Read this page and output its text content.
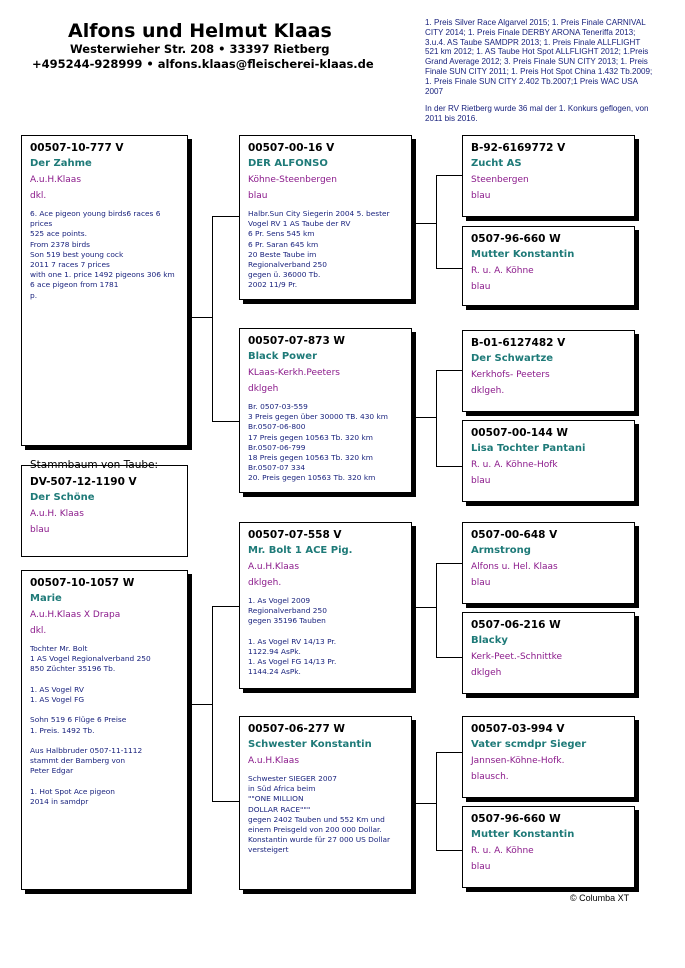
Alfons und Helmut Klaas
Westerwieher Str. 208 • 33397 Rietberg
+495244-928999 • alfons.klaas@fleischerei-klaas.de

1. Preis Silver Race Algarvel 2015; 1. Preis Finale CARNIVAL CITY 2014; 1. Preis Finale DERBY ARONA Teneriffa 2013; 3.u.4. AS Taube SAMDPR 2013; 1. Preis Finale ALLFLIGHT 521 km 2012; 1. AS Taube Hot Spot ALLFLIGHT 2012; 1.Preis Grand Average 2012; 3. Preis Finale SUN CITY 2013; 1. Preis Finale SUN CITY 2011; 1. Preis Hot Spot China 1.432 Tb.2009; 1. Preis Finale SUN CITY 2.402 Tb.2007;1 Preis WAC USA 2007

In der RV Rietberg wurde 36 mal der 1. Konkurs geflogen, von 2011 bis 2016.

00507-10-777 V
Der Zahme
A.u.H.Klaas
dkl.
6. Ace pigeon young birds6 races 6 prices
525 ace points.
From 2378 birds
Son 519 best young cock
2011 7 races 7 prices
with one 1. price 1492 pigeons 306 km
6 ace pigeon from 1781
p.
Stammbaum von Taube:
DV-507-12-1190 V
Der Schöne
A.u.H. Klaas
blau
00507-10-1057 W
Marie
A.u.H.Klaas X Drapa
dkl.
Tochter Mr. Bolt
1 AS Vogel Regionalverband 250
850 Züchter 35196 Tb.

1. AS Vogel RV
1. AS Vogel FG

Sohn 519 6 Flüge 6 Preise
1. Preis. 1492 Tb.

Aus Halbbruder 0507-11-1112
stammt der Bamberg von
Peter Edgar

1. Hot Spot Ace pigeon
2014 in samdpr
00507-00-16 V
DER ALFONSO
Köhne-Steenbergen
blau
Halbr.Sun City Siegerin 2004 5. bester Vogel RV 1 AS Taube der RV
6 Pr. Sens 545 km
6 Pr. Saran 645 km
20 Beste Taube im
Regionalverband 250
gegen ü. 36000 Tb.
2002 11/9 Pr.
00507-07-873 W
Black Power
KLaas-Kerkh.Peeters
dklgeh
Br. 0507-03-559
3 Preis gegen über 30000 TB. 430 km
Br.0507-06-800
17 Preis gegen 10563 Tb. 320 km
Br.0507-06-799
18 Preis gegen 10563 Tb. 320 km
Br.0507-07 334
20. Preis gegen 10563 Tb. 320 km
00507-07-558 V
Mr. Bolt 1 ACE Pig.
A.u.H.Klaas
dklgeh.
1. As Vogel 2009
Regionalverband 250
gegen 35196 Tauben

1. As Vogel RV 14/13 Pr.
1122.94 AsPk.
1. As Vogel FG 14/13 Pr.
1144.24 AsPk.
00507-06-277 W
Schwester Konstantin
A.u.H.Klaas
Schwester SIEGER 2007
in Süd Africa beim
""ONE MILLION
DOLLAR RACE"""
gegen 2402 Tauben und 552 Km und einem Preisgeld von 200 000 Dollar.
Konstantin wurde für 27 000 US Dollar
versteigert
B-92-6169772 V
Zucht AS
Steenbergen
blau
0507-96-660 W
Mutter Konstantin
R. u. A. Köhne
blau
B-01-6127482 V
Der Schwartze
Kerkhofs- Peeters
dklgeh.
00507-00-144 W
Lisa Tochter Pantani
R. u. A. Köhne-Hofk
blau
0507-00-648 V
Armstrong
Alfons u. Hel. Klaas
blau
0507-06-216 W
Blacky
Kerk-Peet.-Schnittke
dklgeh
00507-03-994 V
Vater scmdpr Sieger
Jannsen-Köhne-Hofk.
blausch.
0507-96-660 W
Mutter Konstantin
R. u. A. Köhne
blau
© Columba XT
